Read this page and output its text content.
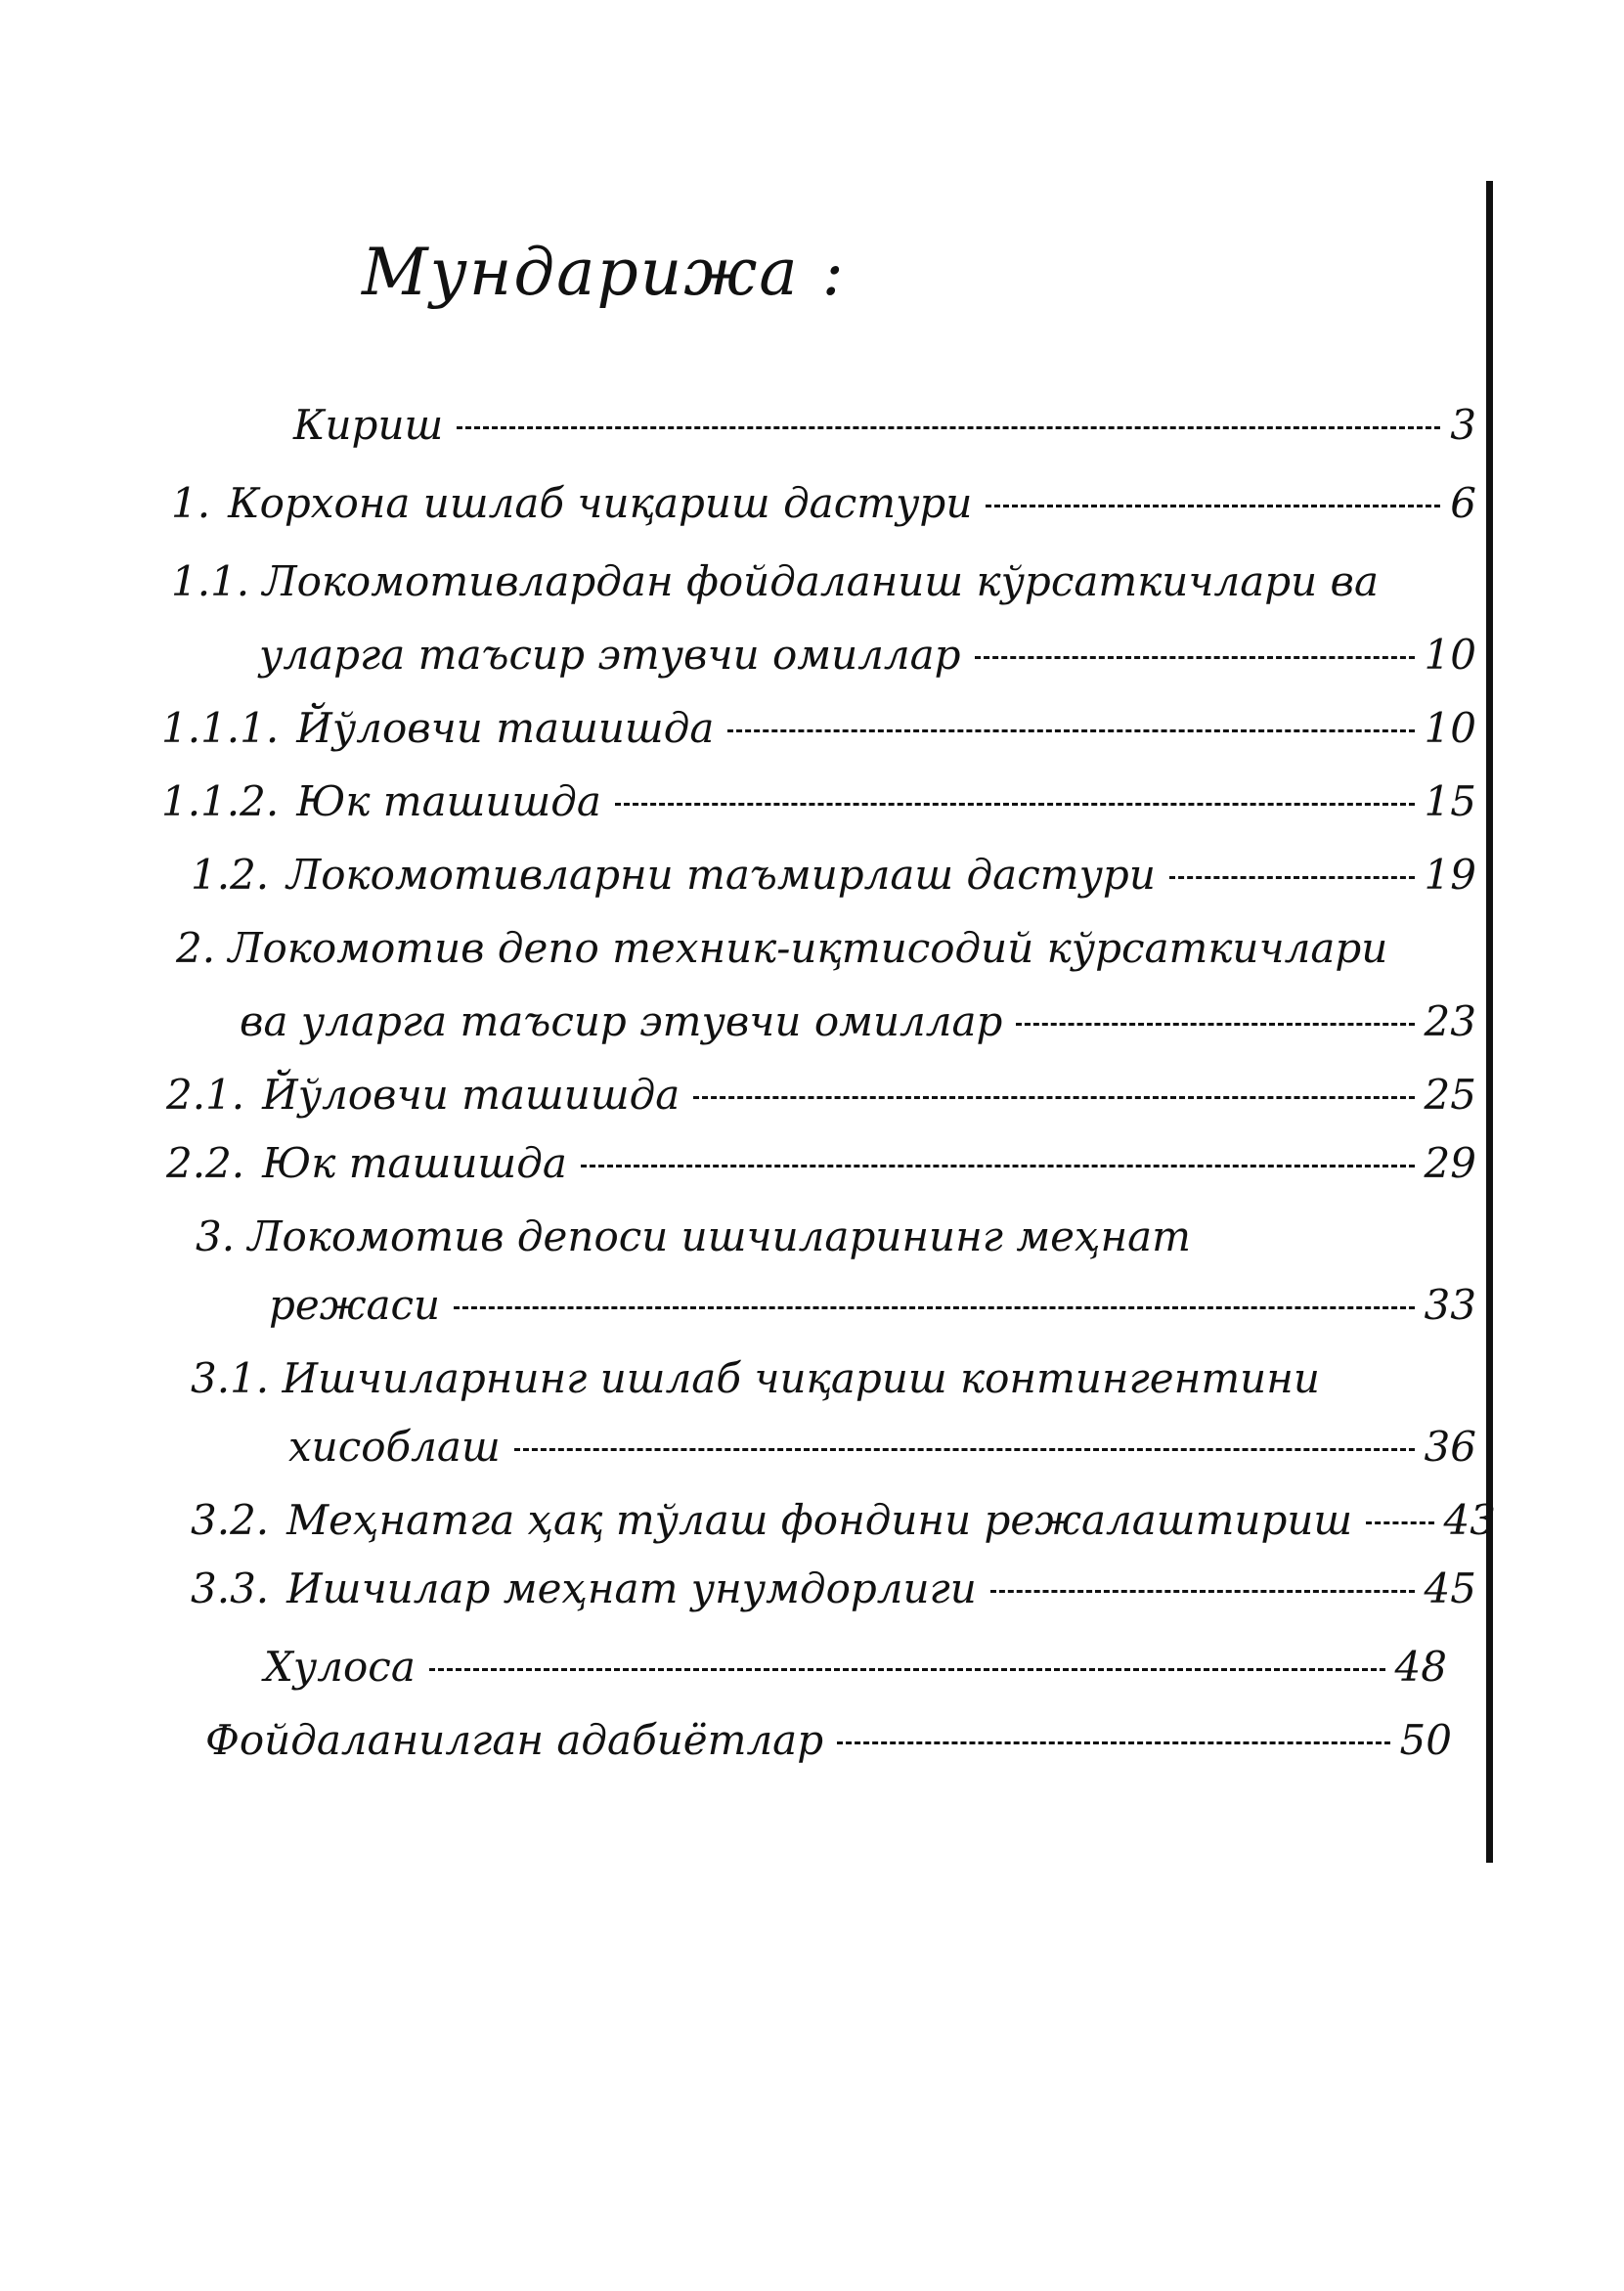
Мундарижа :
Кириш	3
1. Корхона ишлаб чиқариш дастури	6
1.1. Локомотивлардан фойдаланиш кўрсаткичлари ва
уларга таъсир этувчи омиллар	10
1.1.1. Йўловчи ташишда	10
1.1.2. Юк ташишда	15
1.2. Локомотивларни таъмирлаш дастури	19
2. Локомотив депо техник-иқтисодий кўрсаткичлари
ва уларга таъсир этувчи омиллар	23
2.1. Йўловчи ташишда	25
2.2. Юк ташишда	29
3. Локомотив депоси ишчиларининг меҳнат
режаси	33
3.1. Ишчиларнинг ишлаб чиқариш контингентини
хисоблаш	36
3.2. Меҳнатга ҳақ тўлаш фондини режалаштириш 43
3.3. Ишчилар меҳнат унумдорлиги	45
Хулоса	48
Фойдаланилган адабиётлар	50
